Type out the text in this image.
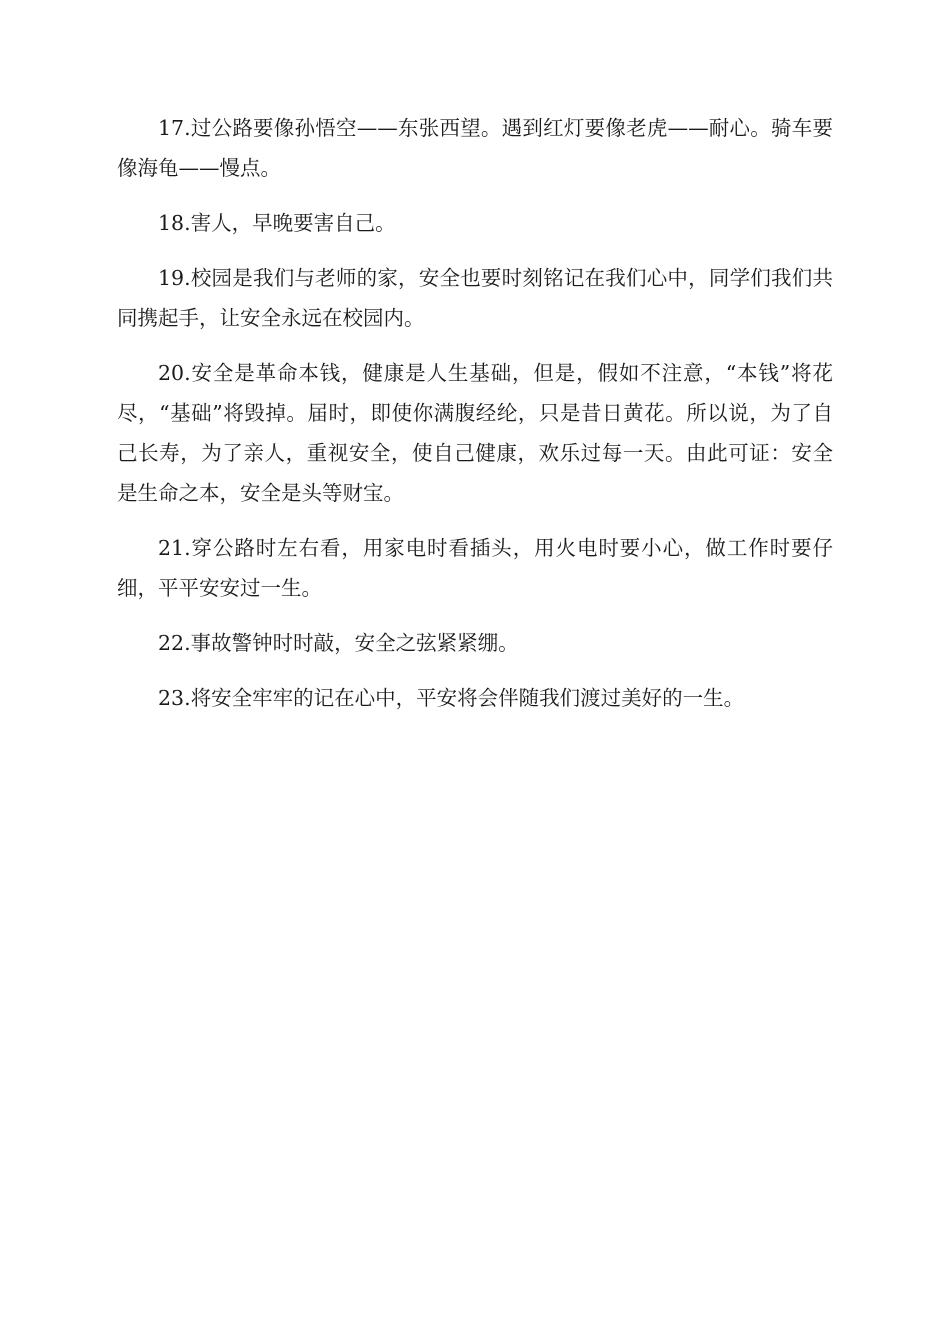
17.过公路要像孙悟空——东张西望。遇到红灯要像老虎——耐心。骑车要像海龟——慢点。

18.害人，早晚要害自己。

19.校园是我们与老师的家，安全也要时刻铭记在我们心中，同学们我们共同携起手，让安全永远在校园内。

20.安全是革命本钱，健康是人生基础，但是，假如不注意，“本钱”将花尽，“基础”将毁掉。届时，即使你满腹经纶，只是昔日黄花。所以说，为了自己长寿，为了亲人，重视安全，使自己健康，欢乐过每一天。由此可证：安全是生命之本，安全是头等财宝。

21.穿公路时左右看，用家电时看插头，用火电时要小心，做工作时要仔细，平平安安过一生。

22.事故警钟时时敲，安全之弦紧紧绷。

23.将安全牢牢的记在心中，平安将会伴随我们渡过美好的一生。
